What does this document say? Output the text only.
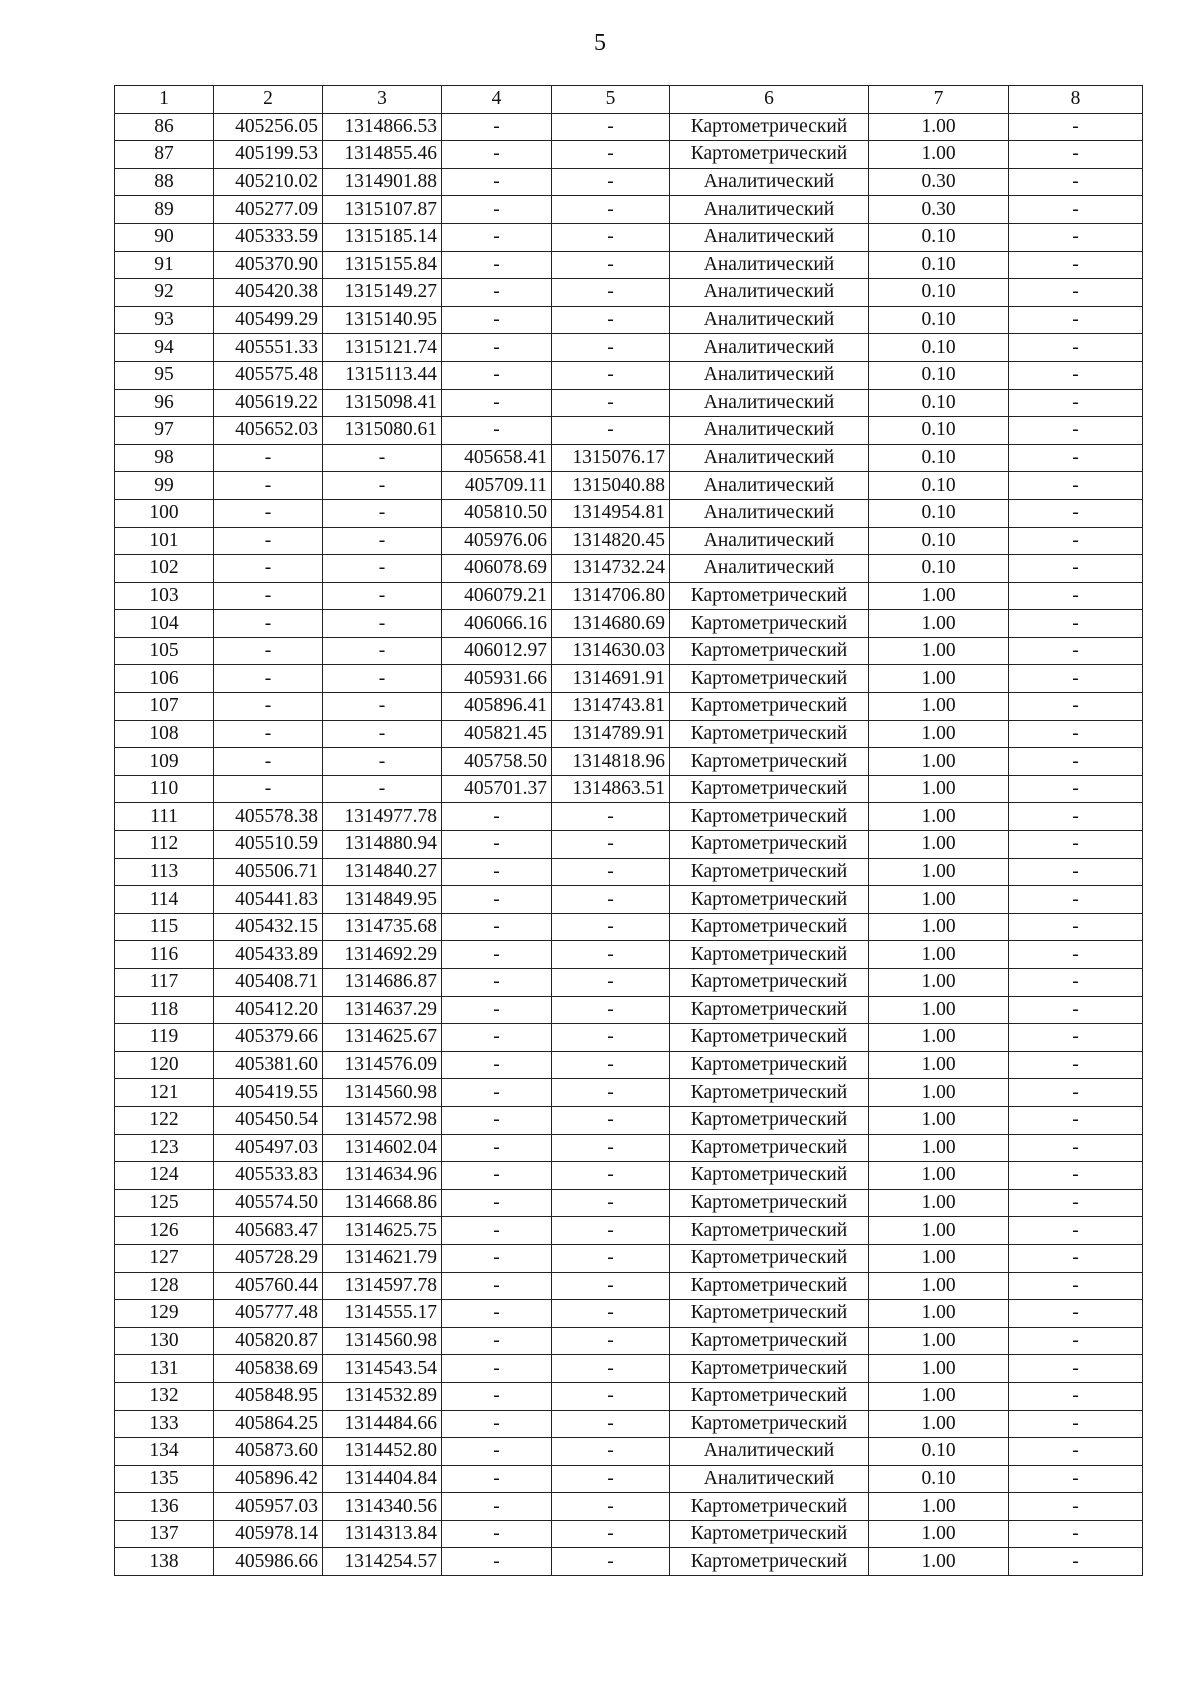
5
1	2	3	4	5	6	7	8
86	405256.05	1314866.53	-	-	Картометрический	1.00	-
87	405199.53	1314855.46	-	-	Картометрический	1.00	-
88	405210.02	1314901.88	-	-	Аналитический	0.30	-
89	405277.09	1315107.87	-	-	Аналитический	0.30	-
90	405333.59	1315185.14	-	-	Аналитический	0.10	-
91	405370.90	1315155.84	-	-	Аналитический	0.10	-
92	405420.38	1315149.27	-	-	Аналитический	0.10	-
93	405499.29	1315140.95	-	-	Аналитический	0.10	-
94	405551.33	1315121.74	-	-	Аналитический	0.10	-
95	405575.48	1315113.44	-	-	Аналитический	0.10	-
96	405619.22	1315098.41	-	-	Аналитический	0.10	-
97	405652.03	1315080.61	-	-	Аналитический	0.10	-
98	-	-	405658.41	1315076.17	Аналитический	0.10	-
99	-	-	405709.11	1315040.88	Аналитический	0.10	-
100	-	-	405810.50	1314954.81	Аналитический	0.10	-
101	-	-	405976.06	1314820.45	Аналитический	0.10	-
102	-	-	406078.69	1314732.24	Аналитический	0.10	-
103	-	-	406079.21	1314706.80	Картометрический	1.00	-
104	-	-	406066.16	1314680.69	Картометрический	1.00	-
105	-	-	406012.97	1314630.03	Картометрический	1.00	-
106	-	-	405931.66	1314691.91	Картометрический	1.00	-
107	-	-	405896.41	1314743.81	Картометрический	1.00	-
108	-	-	405821.45	1314789.91	Картометрический	1.00	-
109	-	-	405758.50	1314818.96	Картометрический	1.00	-
110	-	-	405701.37	1314863.51	Картометрический	1.00	-
111	405578.38	1314977.78	-	-	Картометрический	1.00	-
112	405510.59	1314880.94	-	-	Картометрический	1.00	-
113	405506.71	1314840.27	-	-	Картометрический	1.00	-
114	405441.83	1314849.95	-	-	Картометрический	1.00	-
115	405432.15	1314735.68	-	-	Картометрический	1.00	-
116	405433.89	1314692.29	-	-	Картометрический	1.00	-
117	405408.71	1314686.87	-	-	Картометрический	1.00	-
118	405412.20	1314637.29	-	-	Картометрический	1.00	-
119	405379.66	1314625.67	-	-	Картометрический	1.00	-
120	405381.60	1314576.09	-	-	Картометрический	1.00	-
121	405419.55	1314560.98	-	-	Картометрический	1.00	-
122	405450.54	1314572.98	-	-	Картометрический	1.00	-
123	405497.03	1314602.04	-	-	Картометрический	1.00	-
124	405533.83	1314634.96	-	-	Картометрический	1.00	-
125	405574.50	1314668.86	-	-	Картометрический	1.00	-
126	405683.47	1314625.75	-	-	Картометрический	1.00	-
127	405728.29	1314621.79	-	-	Картометрический	1.00	-
128	405760.44	1314597.78	-	-	Картометрический	1.00	-
129	405777.48	1314555.17	-	-	Картометрический	1.00	-
130	405820.87	1314560.98	-	-	Картометрический	1.00	-
131	405838.69	1314543.54	-	-	Картометрический	1.00	-
132	405848.95	1314532.89	-	-	Картометрический	1.00	-
133	405864.25	1314484.66	-	-	Картометрический	1.00	-
134	405873.60	1314452.80	-	-	Аналитический	0.10	-
135	405896.42	1314404.84	-	-	Аналитический	0.10	-
136	405957.03	1314340.56	-	-	Картометрический	1.00	-
137	405978.14	1314313.84	-	-	Картометрический	1.00	-
138	405986.66	1314254.57	-	-	Картометрический	1.00	-
